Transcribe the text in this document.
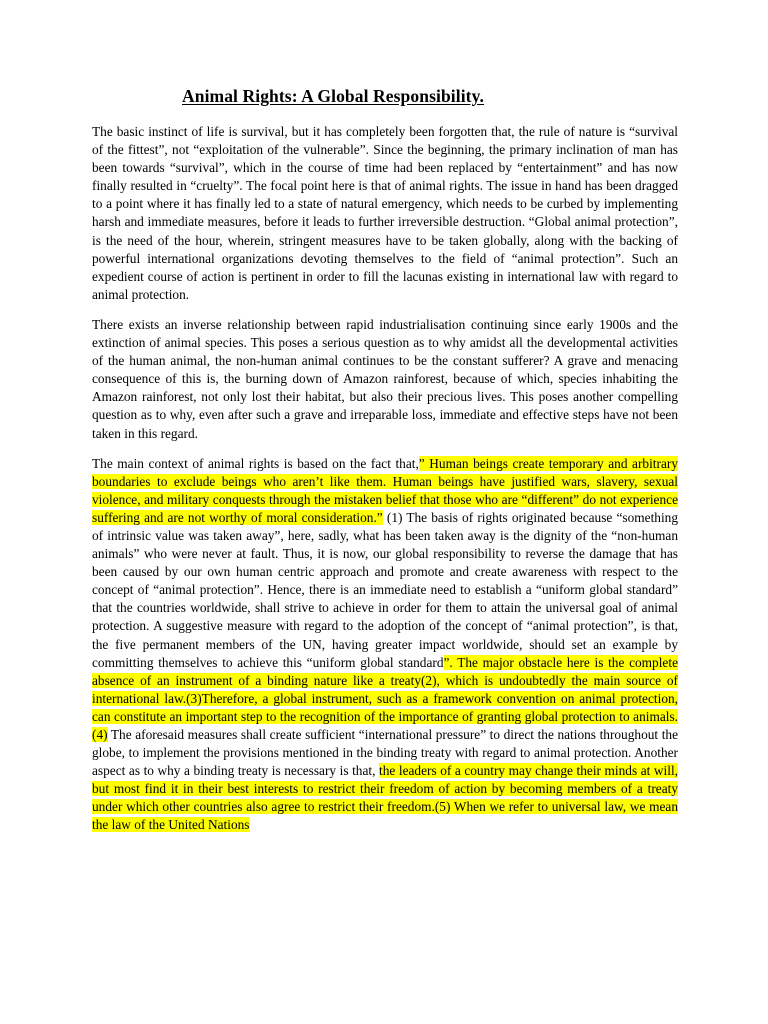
Animal Rights: A Global Responsibility.

The basic instinct of life is survival, but it has completely been forgotten that, the rule of nature is “survival of the fittest”, not “exploitation of the vulnerable”. Since the beginning, the primary inclination of man has been towards “survival”, which in the course of time had been replaced by “entertainment” and has now finally resulted in “cruelty”. The focal point here is that of animal rights. The issue in hand has been dragged to a point where it has finally led to a state of natural emergency, which needs to be curbed by implementing harsh and immediate measures, before it leads to further irreversible destruction. “Global animal protection”, is the need of the hour, wherein, stringent measures have to be taken globally, along with the backing of powerful international organizations devoting themselves to the field of “animal protection”. Such an expedient course of action is pertinent in order to fill the lacunas existing in international law with regard to animal protection.

There exists an inverse relationship between rapid industrialisation continuing since early 1900s and the extinction of animal species. This poses a serious question as to why amidst all the developmental activities of the human animal, the non-human animal continues to be the constant sufferer? A grave and menacing consequence of this is, the burning down of Amazon rainforest, because of which, species inhabiting the Amazon rainforest, not only lost their habitat, but also their precious lives. This poses another compelling question as to why, even after such a grave and irreparable loss, immediate and effective steps have not been taken in this regard.

The main context of animal rights is based on the fact that,” Human beings create temporary and arbitrary boundaries to exclude beings who aren’t like them. Human beings have justified wars, slavery, sexual violence, and military conquests through the mistaken belief that those who are “different” do not experience suffering and are not worthy of moral consideration.” (1) The basis of rights originated because “something of intrinsic value was taken away”, here, sadly, what has been taken away is the dignity of the “non-human animals” who were never at fault. Thus, it is now, our global responsibility to reverse the damage that has been caused by our own human centric approach and promote and create awareness with respect to the concept of “animal protection”. Hence, there is an immediate need to establish a “uniform global standard” that the countries worldwide, shall strive to achieve in order for them to attain the universal goal of animal protection. A suggestive measure with regard to the adoption of the concept of “animal protection”, is that, the five permanent members of the UN, having greater impact worldwide, should set an example by committing themselves to achieve this “uniform global standard”. The major obstacle here is the complete absence of an instrument of a binding nature like a treaty(2), which is undoubtedly the main source of international law.(3)Therefore, a global instrument, such as a framework convention on animal protection, can constitute an important step to the recognition of the importance of granting global protection to animals.(4) The aforesaid measures shall create sufficient “international pressure” to direct the nations throughout the globe, to implement the provisions mentioned in the binding treaty with regard to animal protection. Another aspect as to why a binding treaty is necessary is that, the leaders of a country may change their minds at will, but most find it in their best interests to restrict their freedom of action by becoming members of a treaty under which other countries also agree to restrict their freedom.(5) When we refer to universal law, we mean the law of the United Nations
